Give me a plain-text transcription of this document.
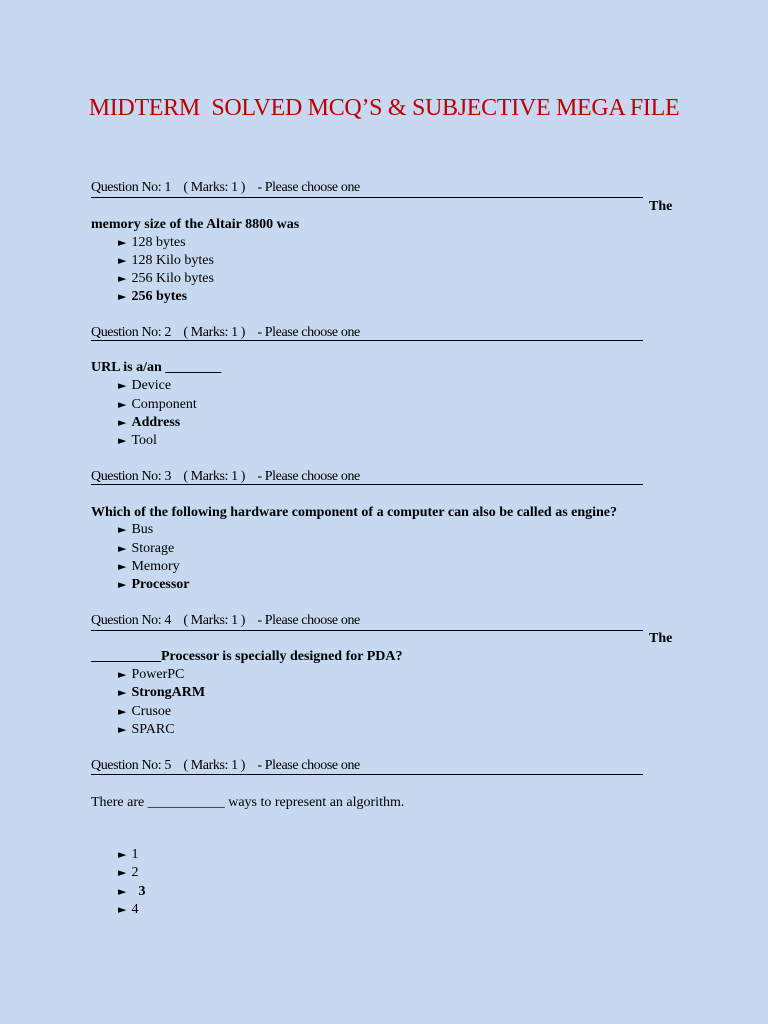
MIDTERM  SOLVED MCQ’S & SUBJECTIVE MEGA FILE
Question No: 1    ( Marks: 1 )    - Please choose one
The
memory size of the Altair 8800 was
► 128 bytes
► 128 Kilo bytes
► 256 Kilo bytes
► 256 bytes
Question No: 2    ( Marks: 1 )    - Please choose one
URL is a/an ________
► Device
► Component
► Address
► Tool
Question No: 3    ( Marks: 1 )    - Please choose one
Which of the following hardware component of a computer can also be called as engine?
► Bus
► Storage
► Memory
► Processor
Question No: 4    ( Marks: 1 )    - Please choose one
The
__________Processor is specially designed for PDA?
► PowerPC
► StrongARM
► Crusoe
► SPARC
Question No: 5    ( Marks: 1 )    - Please choose one
There are ___________ ways to represent an algorithm.
► 1
► 2
►  3
► 4
